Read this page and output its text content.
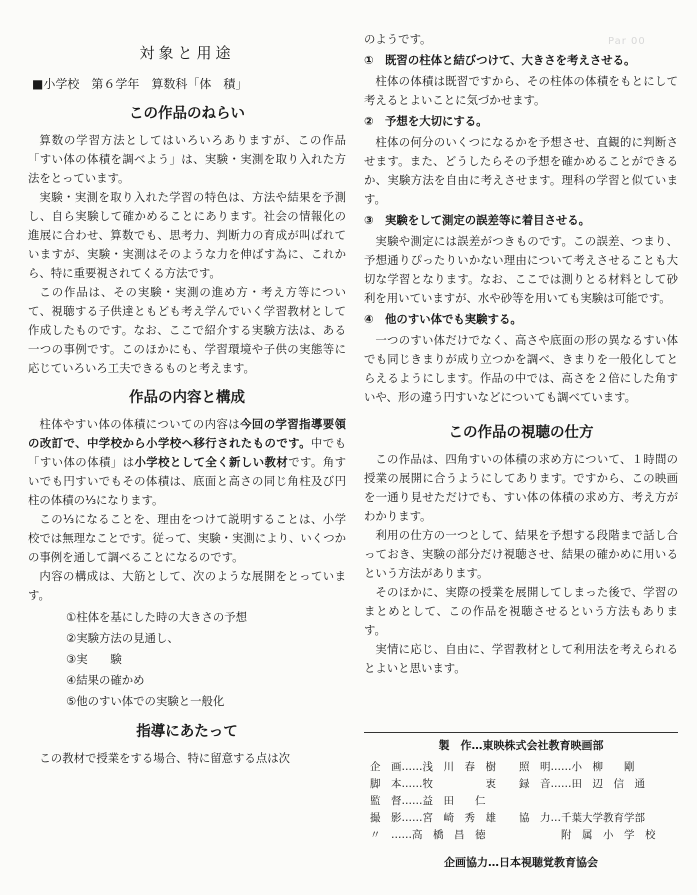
Par 00
対象と用途
■小学校　第６学年　算数科「体　積」
この作品のねらい

算数の学習方法としてはいろいろありますが、この作品「すい体の体積を調べよう」は、実験・実測を取り入れた方法をとっています。

実験・実測を取り入れた学習の特色は、方法や結果を予測し、自ら実験して確かめることにあります。社会の情報化の進展に合わせ、算数でも、思考力、判断力の育成が叫ばれていますが、実験・実測はそのような力を伸ばす為に、これから、特に重要視されてくる方法です。

この作品は、その実験・実測の進め方・考え方等について、視聴する子供達ともども考え学んでいく学習教材として作成したものです。なお、ここで紹介する実験方法は、ある一つの事例です。このほかにも、学習環境や子供の実態等に応じていろいろ工夫できるものと考えます。

作品の内容と構成

柱体やすい体の体積についての内容は今回の学習指導要領の改訂で、中学校から小学校へ移行されたものです。中でも「すい体の体積」は小学校として全く新しい教材です。角すいでも円すいでもその体積は、底面と高さの同じ角柱及び円柱の体積の⅓になります。

この⅓になることを、理由をつけて説明することは、小学校では無理なことです。従って、実験・実測により、いくつかの事例を通して調べることになるのです。

内容の構成は、大筋として、次のような展開をとっています。

①柱体を基にした時の大きさの予想
②実験方法の見通し、
③実　　験
④結果の確かめ
⑤他のすい体での実験と一般化
指導にあたって

この教材で授業をする場合、特に留意する点は次

のようです。

①　既習の柱体と結びつけて、大きさを考えさせる。

柱体の体積は既習ですから、その柱体の体積をもとにして考えるとよいことに気づかせます。

②　予想を大切にする。

柱体の何分のいくつになるかを予想させ、直観的に判断させます。また、どうしたらその予想を確かめることができるか、実験方法を自由に考えさせます。理科の学習と似ています。

③　実験をして測定の誤差等に着目させる。

実験や測定には誤差がつきものです。この誤差、つまり、予想通りぴったりいかない理由について考えさせることも大切な学習となります。なお、ここでは測りとる材料として砂利を用いていますが、水や砂等を用いても実験は可能です。

④　他のすい体でも実験する。

一つのすい体だけでなく、高さや底面の形の異なるすい体でも同じきまりが成り立つかを調べ、きまりを一般化してとらえるようにします。作品の中では、高さを２倍にした角すいや、形の違う円すいなどについても調べています。

この作品の視聴の仕方

この作品は、四角すいの体積の求め方について、１時間の授業の展開に合うようにしてあります。ですから、この映画を一通り見せただけでも、すい体の体積の求め方、考え方がわかります。

利用の仕方の一つとして、結果を予想する段階まで話し合っておき、実験の部分だけ視聴させ、結果の確かめに用いるという方法があります。

そのほかに、実際の授業を展開してしまった後で、学習のまとめとして、この作品を視聴させるという方法もあります。

実情に応じ、自由に、学習教材として利用法を考えられるとよいと思います。

製　作…東映株式会社教育映画部
企　画……浅　川　春　樹	照　明……小　柳　　剛
脚　本……牧　　　　　衷	録　音……田　辺　信　通
監　督……益　田　　仁
撮　影……宮　崎　秀　雄	協　力…千葉大学教育学部
〃　……高　橋　昌　徳	　　　　附　属　小　学　校
企画協力…日本視聴覚教育協会
